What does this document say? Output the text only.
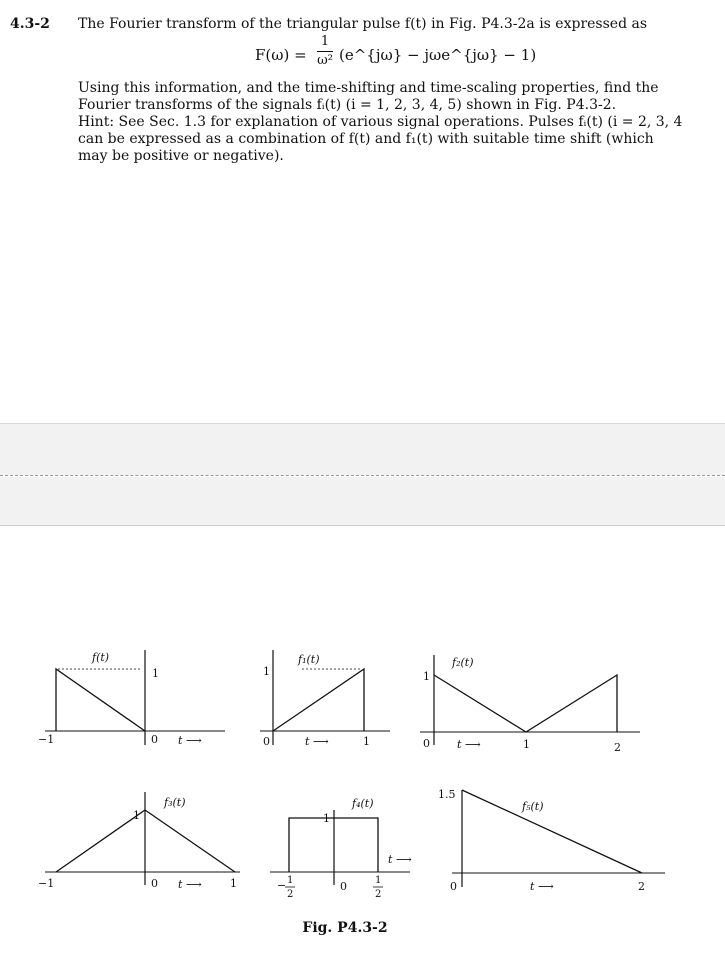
4.3-2 The Fourier transform of the triangular pulse f(t) in Fig. P4.3-2a is expressed as
F(ω) =
1
ω² (e^{jω} − jωe^{jω} − 1)
Using this information, and the time-shifting and time-scaling properties, find the
Fourier transforms of the signals fᵢ(t) (i = 1, 2, 3, 4, 5) shown in Fig. P4.3-2.
Hint: See Sec. 1.3 for explanation of various signal operations. Pulses fᵢ(t) (i = 2, 3, 4
can be expressed as a combination of f(t) and f₁(t) with suitable time shift (which
may be positive or negative).
f(t)
1
−1	0 t ⟶
f₁(t)
1
0	1
t ⟶
f₂(t)
1
0	1	2
t ⟶
f₃(t)
1
−1	0	1
t ⟶
f₄(t)
1
t ⟶
− 1
2
0	1
2
f₅(t)
1.5
0	2
t ⟶
Fig. P4.3-2
